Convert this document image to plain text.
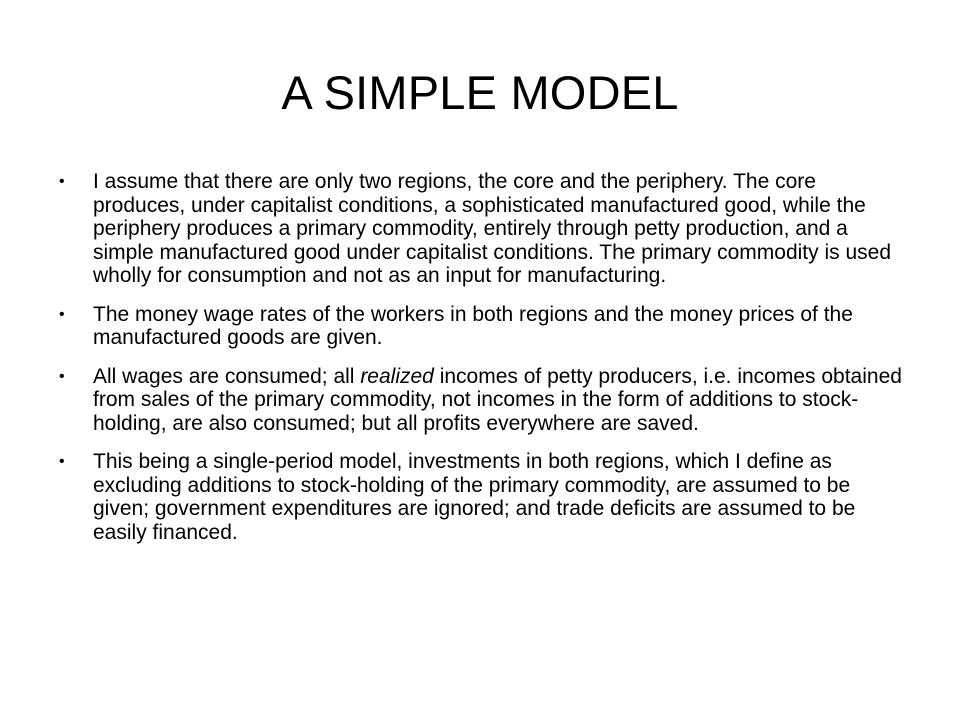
A SIMPLE MODEL
• I assume that there are only two regions, the core and the periphery. The core produces, under capitalist conditions, a sophisticated manufactured good, while the periphery produces a primary commodity, entirely through petty production, and a simple manufactured good under capitalist conditions. The primary commodity is used wholly for consumption and not as an input for manufacturing.
• The money wage rates of the workers in both regions and the money prices of the manufactured goods are given.
• All wages are consumed; all realized incomes of petty producers, i.e. incomes obtained from sales of the primary commodity, not incomes in the form of additions to stock-holding, are also consumed; but all profits everywhere are saved.
• This being a single-period model, investments in both regions, which I define as excluding additions to stock-holding of the primary commodity, are assumed to be given; government expenditures are ignored; and trade deficits are assumed to be easily financed.
